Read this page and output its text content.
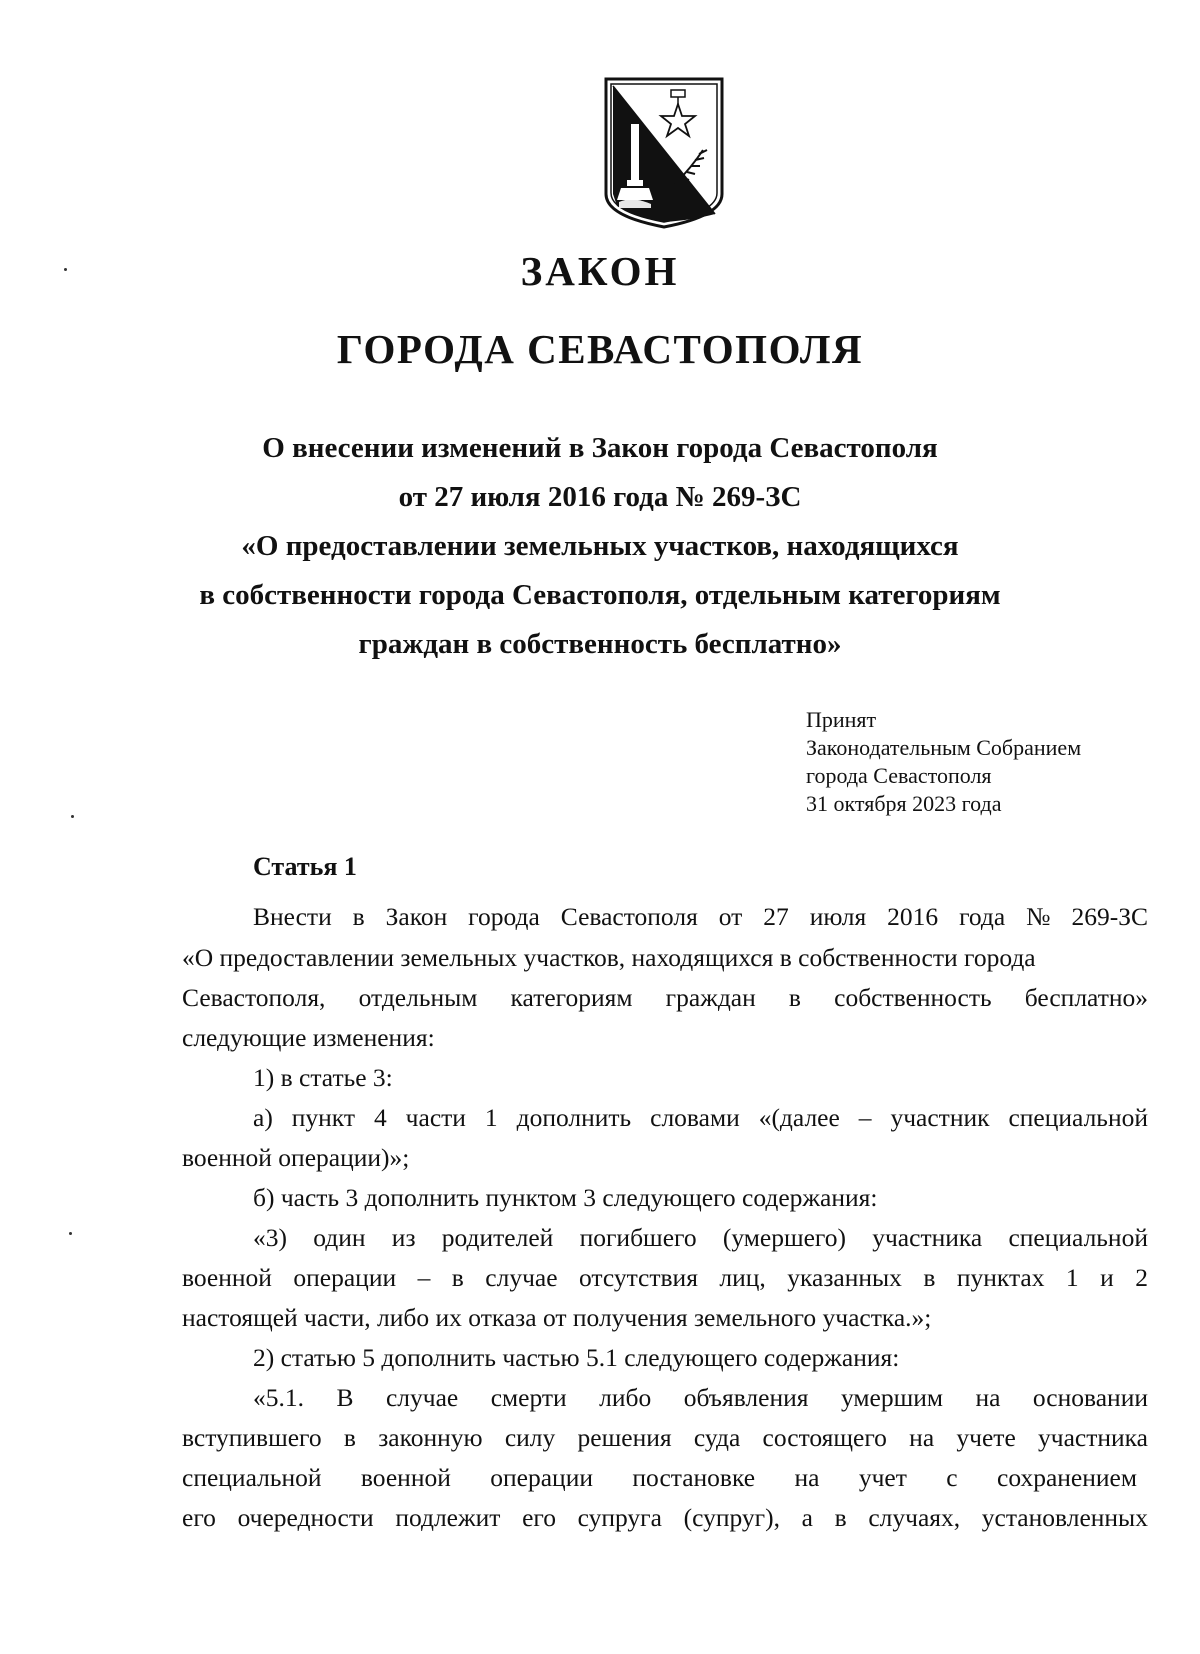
ЗАКОН
ГОРОДА СЕВАСТОПОЛЯ
О внесении изменений в Закон города Севастополя
от 27 июля 2016 года № 269-ЗС
«О предоставлении земельных участков, находящихся
в собственности города Севастополя, отдельным категориям
граждан в собственность бесплатно»
Принят
Законодательным Собранием
города Севастополя
31 октября 2023 года
Статья 1
Внести в Закон города Севастополя от 27 июля 2016 года № 269-ЗС
«О предоставлении земельных участков, находящихся в собственности города
Севастополя, отдельным категориям граждан в собственность бесплатно»
следующие изменения:
1) в статье 3:
а) пункт 4 части 1 дополнить словами «(далее – участник специальной
военной операции)»;
б) часть 3 дополнить пунктом 3 следующего содержания:
«3) один из родителей погибшего (умершего) участника специальной
военной операции – в случае отсутствия лиц, указанных в пунктах 1 и 2
настоящей части, либо их отказа от получения земельного участка.»;
2) статью 5 дополнить частью 5.1 следующего содержания:
«5.1. В случае смерти либо объявления умершим на основании
вступившего в законную силу решения суда состоящего на учете участника
специальной военной операции постановке на учет с сохранением
его очередности подлежит его супруга (супруг), а в случаях, установленных
